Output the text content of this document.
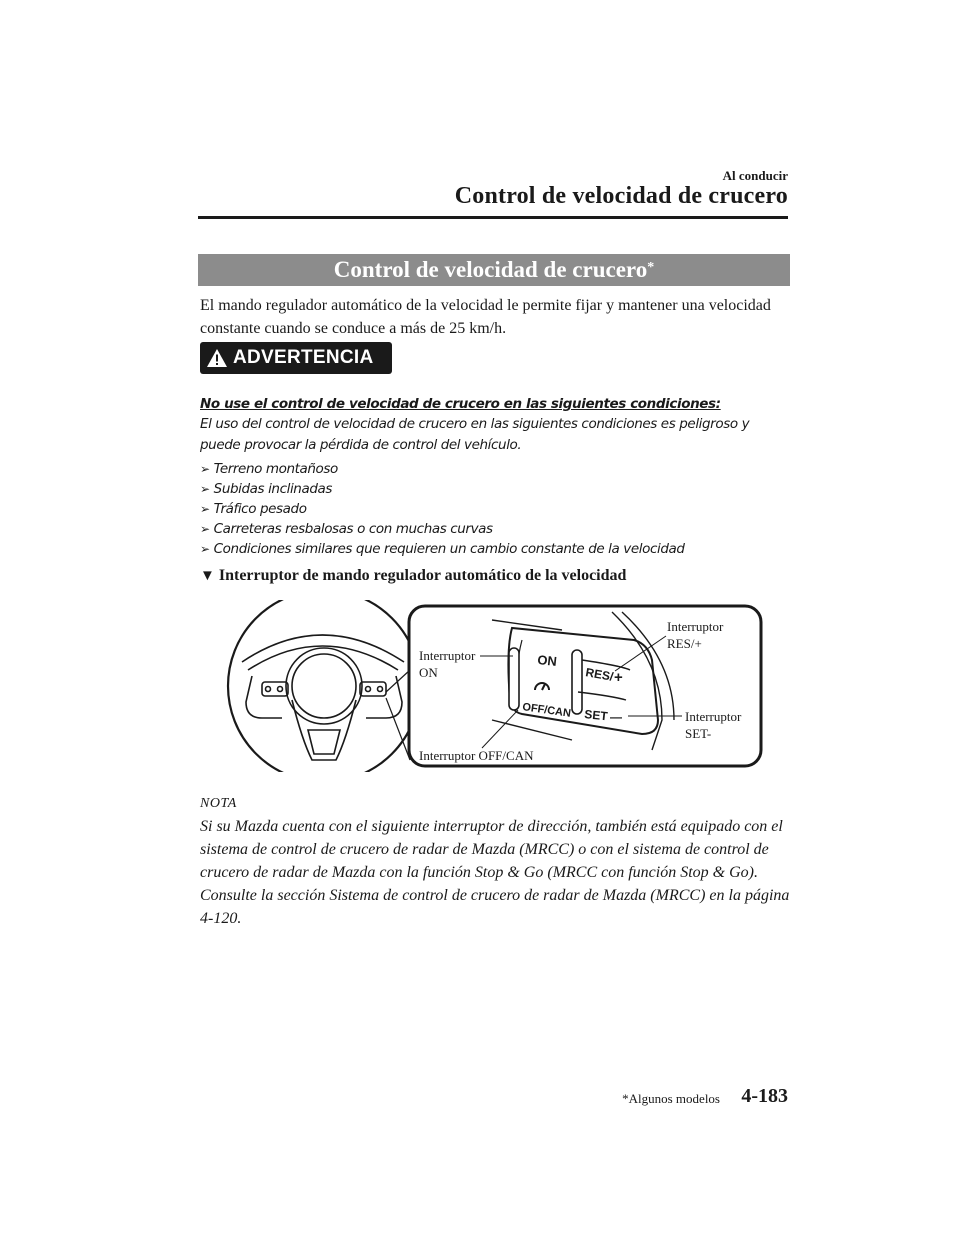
Al conducir
Control de velocidad de crucero
Control de velocidad de crucero*
El mando regulador automático de la velocidad le permite fijar y mantener una velocidad constante cuando se conduce a más de 25 km/h.
ADVERTENCIA
No use el control de velocidad de crucero en las siguientes condiciones:
El uso del control de velocidad de crucero en las siguientes condiciones es peligroso y puede provocar la pérdida de control del vehículo.
➢ Terreno montañoso
➢ Subidas inclinadas
➢ Tráfico pesado
➢ Carreteras resbalosas o con muchas curvas
➢ Condiciones similares que requieren un cambio constante de la velocidad
▼ Interruptor de mando regulador automático de la velocidad
ON
RES/ +
OFF/CAN SET —
Interruptor
ON
Interruptor
RES/+
Interruptor
SET-
Interruptor OFF/CAN
NOTA
Si su Mazda cuenta con el siguiente interruptor de dirección, también está equipado con el sistema de control de crucero de radar de Mazda (MRCC) o con el sistema de control de crucero de radar de Mazda con la función Stop & Go (MRCC con función Stop & Go). Consulte la sección Sistema de control de crucero de radar de Mazda (MRCC) en la página 4-120.
*Algunos modelos 4-183
